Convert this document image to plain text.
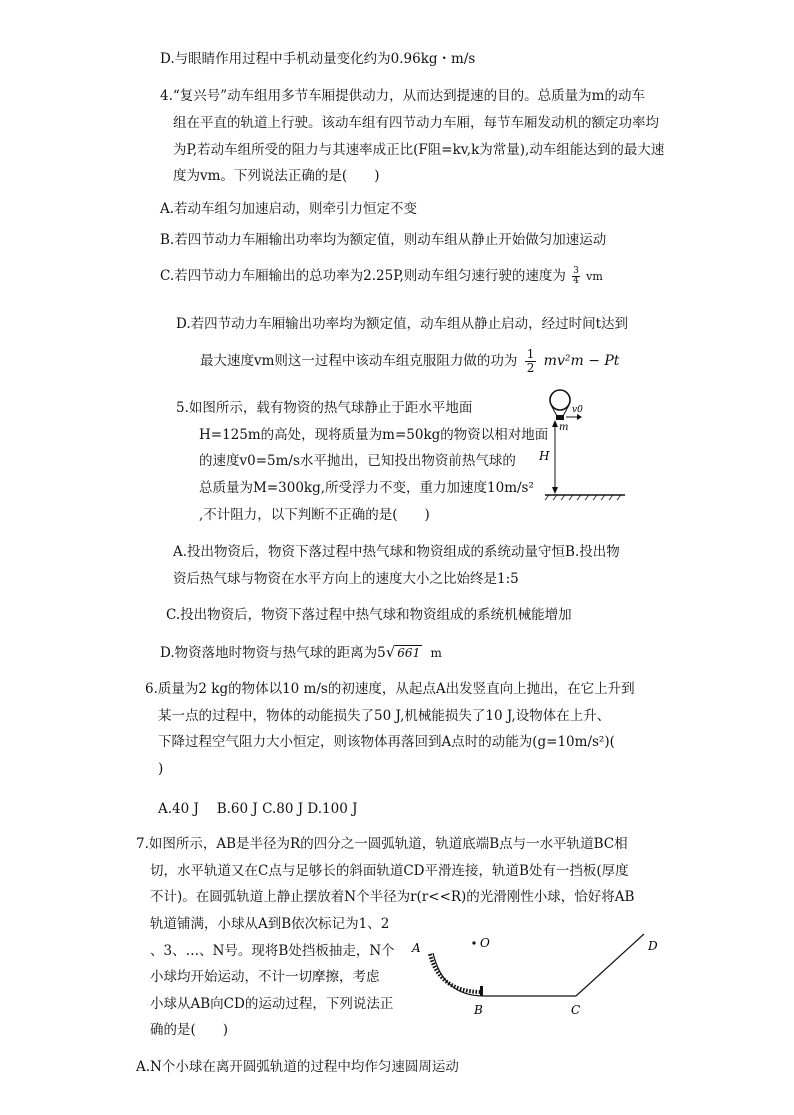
D.与眼睛作用过程中手机动量变化约为0.96kg・m/s
4.“复兴号”动车组用多节车厢提供动力，从而达到提速的目的。总质量为m的动车
组在平直的轨道上行驶。该动车组有四节动力车厢，每节车厢发动机的额定功率均
为P,若动车组所受的阻力与其速率成正比(F阻=kv,k为常量),动车组能达到的最大速
度为vm。下列说法正确的是(　　)
A.若动车组匀加速启动，则牵引力恒定不变
B.若四节动力车厢输出功率均为额定值，则动车组从静止开始做匀加速运动
C.若四节动力车厢输出的总功率为2.25P,则动车组匀速行驶的速度为 $\frac{3}{4}$ vm
D.若四节动力车厢输出功率均为额定值，动车组从静止启动，经过时间t达到
最大速度vm则这一过程中该动车组克服阻力做的功为 $\frac{1}{2} mv^2m - Pt$
5.如图所示，载有物资的热气球静止于距水平地面
H=125m的高处，现将质量为m=50kg的物资以相对地面
的速度v0=5m/s水平抛出，已知投出物资前热气球的
总质量为M=300kg,所受浮力不变，重力加速度10m/s²
,不计阻力，以下判断不正确的是(　　)
A.投出物资后，物资下落过程中热气球和物资组成的系统动量守恒B.投出物
资后热气球与物资在水平方向上的速度大小之比始终是1:5
C.投出物资后，物资下落过程中热气球和物资组成的系统机械能增加
D.物资落地时物资与热气球的距离为5√ 661 m
6.质量为2 kg的物体以10 m/s的初速度，从起点A出发竖直向上抛出，在它上升到
某一点的过程中，物体的动能损失了50 J,机械能损失了10 J,设物体在上升、
下降过程空气阻力大小恒定，则该物体再落回到A点时的动能为(g=10m/s²)(
)
A.40 J　 B.60 J C.80 J D.100 J
7.如图所示，AB是半径为R的四分之一圆弧轨道，轨道底端B点与一水平轨道BC相
切，水平轨道又在C点与足够长的斜面轨道CD平滑连接，轨道B处有一挡板(厚度
不计)。在圆弧轨道上静止摆放着N个半径为r(r<<R)的光滑刚性小球，恰好将AB
轨道铺满，小球从A到B依次标记为1、2
、3、…、N号。现将B处挡板抽走，N个
小球均开始运动，不计一切摩擦，考虑
小球从AB向CD的运动过程，下列说法正
确的是(　　)
A.N个小球在离开圆弧轨道的过程中均作匀速圆周运动
v0
m
H
A	O
B	C
D
